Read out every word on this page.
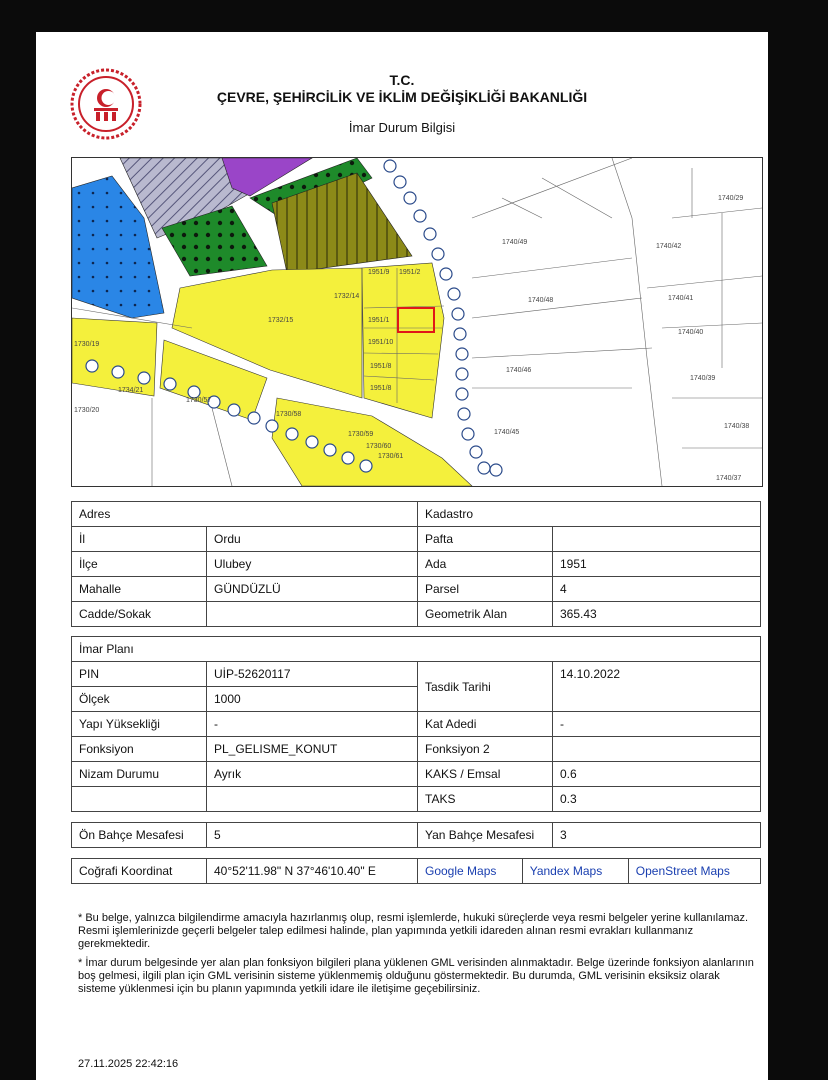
T.C.
ÇEVRE, ŞEHİRCİLİK VE İKLİM DEĞİŞİKLİĞİ BAKANLIĞI
İmar Durum Bilgisi
1951/9 1951/2
1951/1
1951/10
1951/8
1951/8
1732/14
1732/15
1730/19
1734/21
1730/57
1730/58
1730/59
1730/60
1730/61
1740/49
1740/42
1740/29
1740/48	1740/41
1740/40
1740/46
1740/39
1740/45
1740/38
1740/37
1730/20
Adres		Kadastro	
İl	Ordu	Pafta	
İlçe	Ulubey	Ada	1951
Mahalle	GÜNDÜZLÜ	Parsel	4
Cadde/Sokak		Geometrik Alan	365.43
İmar Planı			
PIN	UİP-52620117	Tasdik Tarihi	14.10.2022
Ölçek	1000		
Yapı Yüksekliği	-	Kat Adedi	-
Fonksiyon	PL_GELISME_KONUT	Fonksiyon 2	
Nizam Durumu	Ayrık	KAKS / Emsal	0.6
		TAKS	0.3
Ön Bahçe Mesafesi	5	Yan Bahçe Mesafesi	3
Coğrafi Koordinat	40°52'11.98" N 37°46'10.40" E	Google Maps	Yandex Maps	OpenStreet Maps

* Bu belge, yalnızca bilgilendirme amacıyla hazırlanmış olup, resmi işlemlerde, hukuki süreçlerde veya resmi belgeler yerine kullanılamaz. Resmi işlemlerinizde geçerli belgeler talep edilmesi halinde, plan yapımında yetkili idareden alınan resmi evrakları kullanmanız gerekmektedir.

* İmar durum belgesinde yer alan plan fonksiyon bilgileri plana yüklenen GML verisinden alınmaktadır. Belge üzerinde fonksiyon alanlarının boş gelmesi, ilgili plan için GML verisinin sisteme yüklenmemiş olduğunu göstermektedir. Bu durumda, GML verisinin eksiksiz olarak sisteme yüklenmesi için bu planın yapımında yetkili idare ile iletişime geçebilirsiniz.

27.11.2025 22:42:16
